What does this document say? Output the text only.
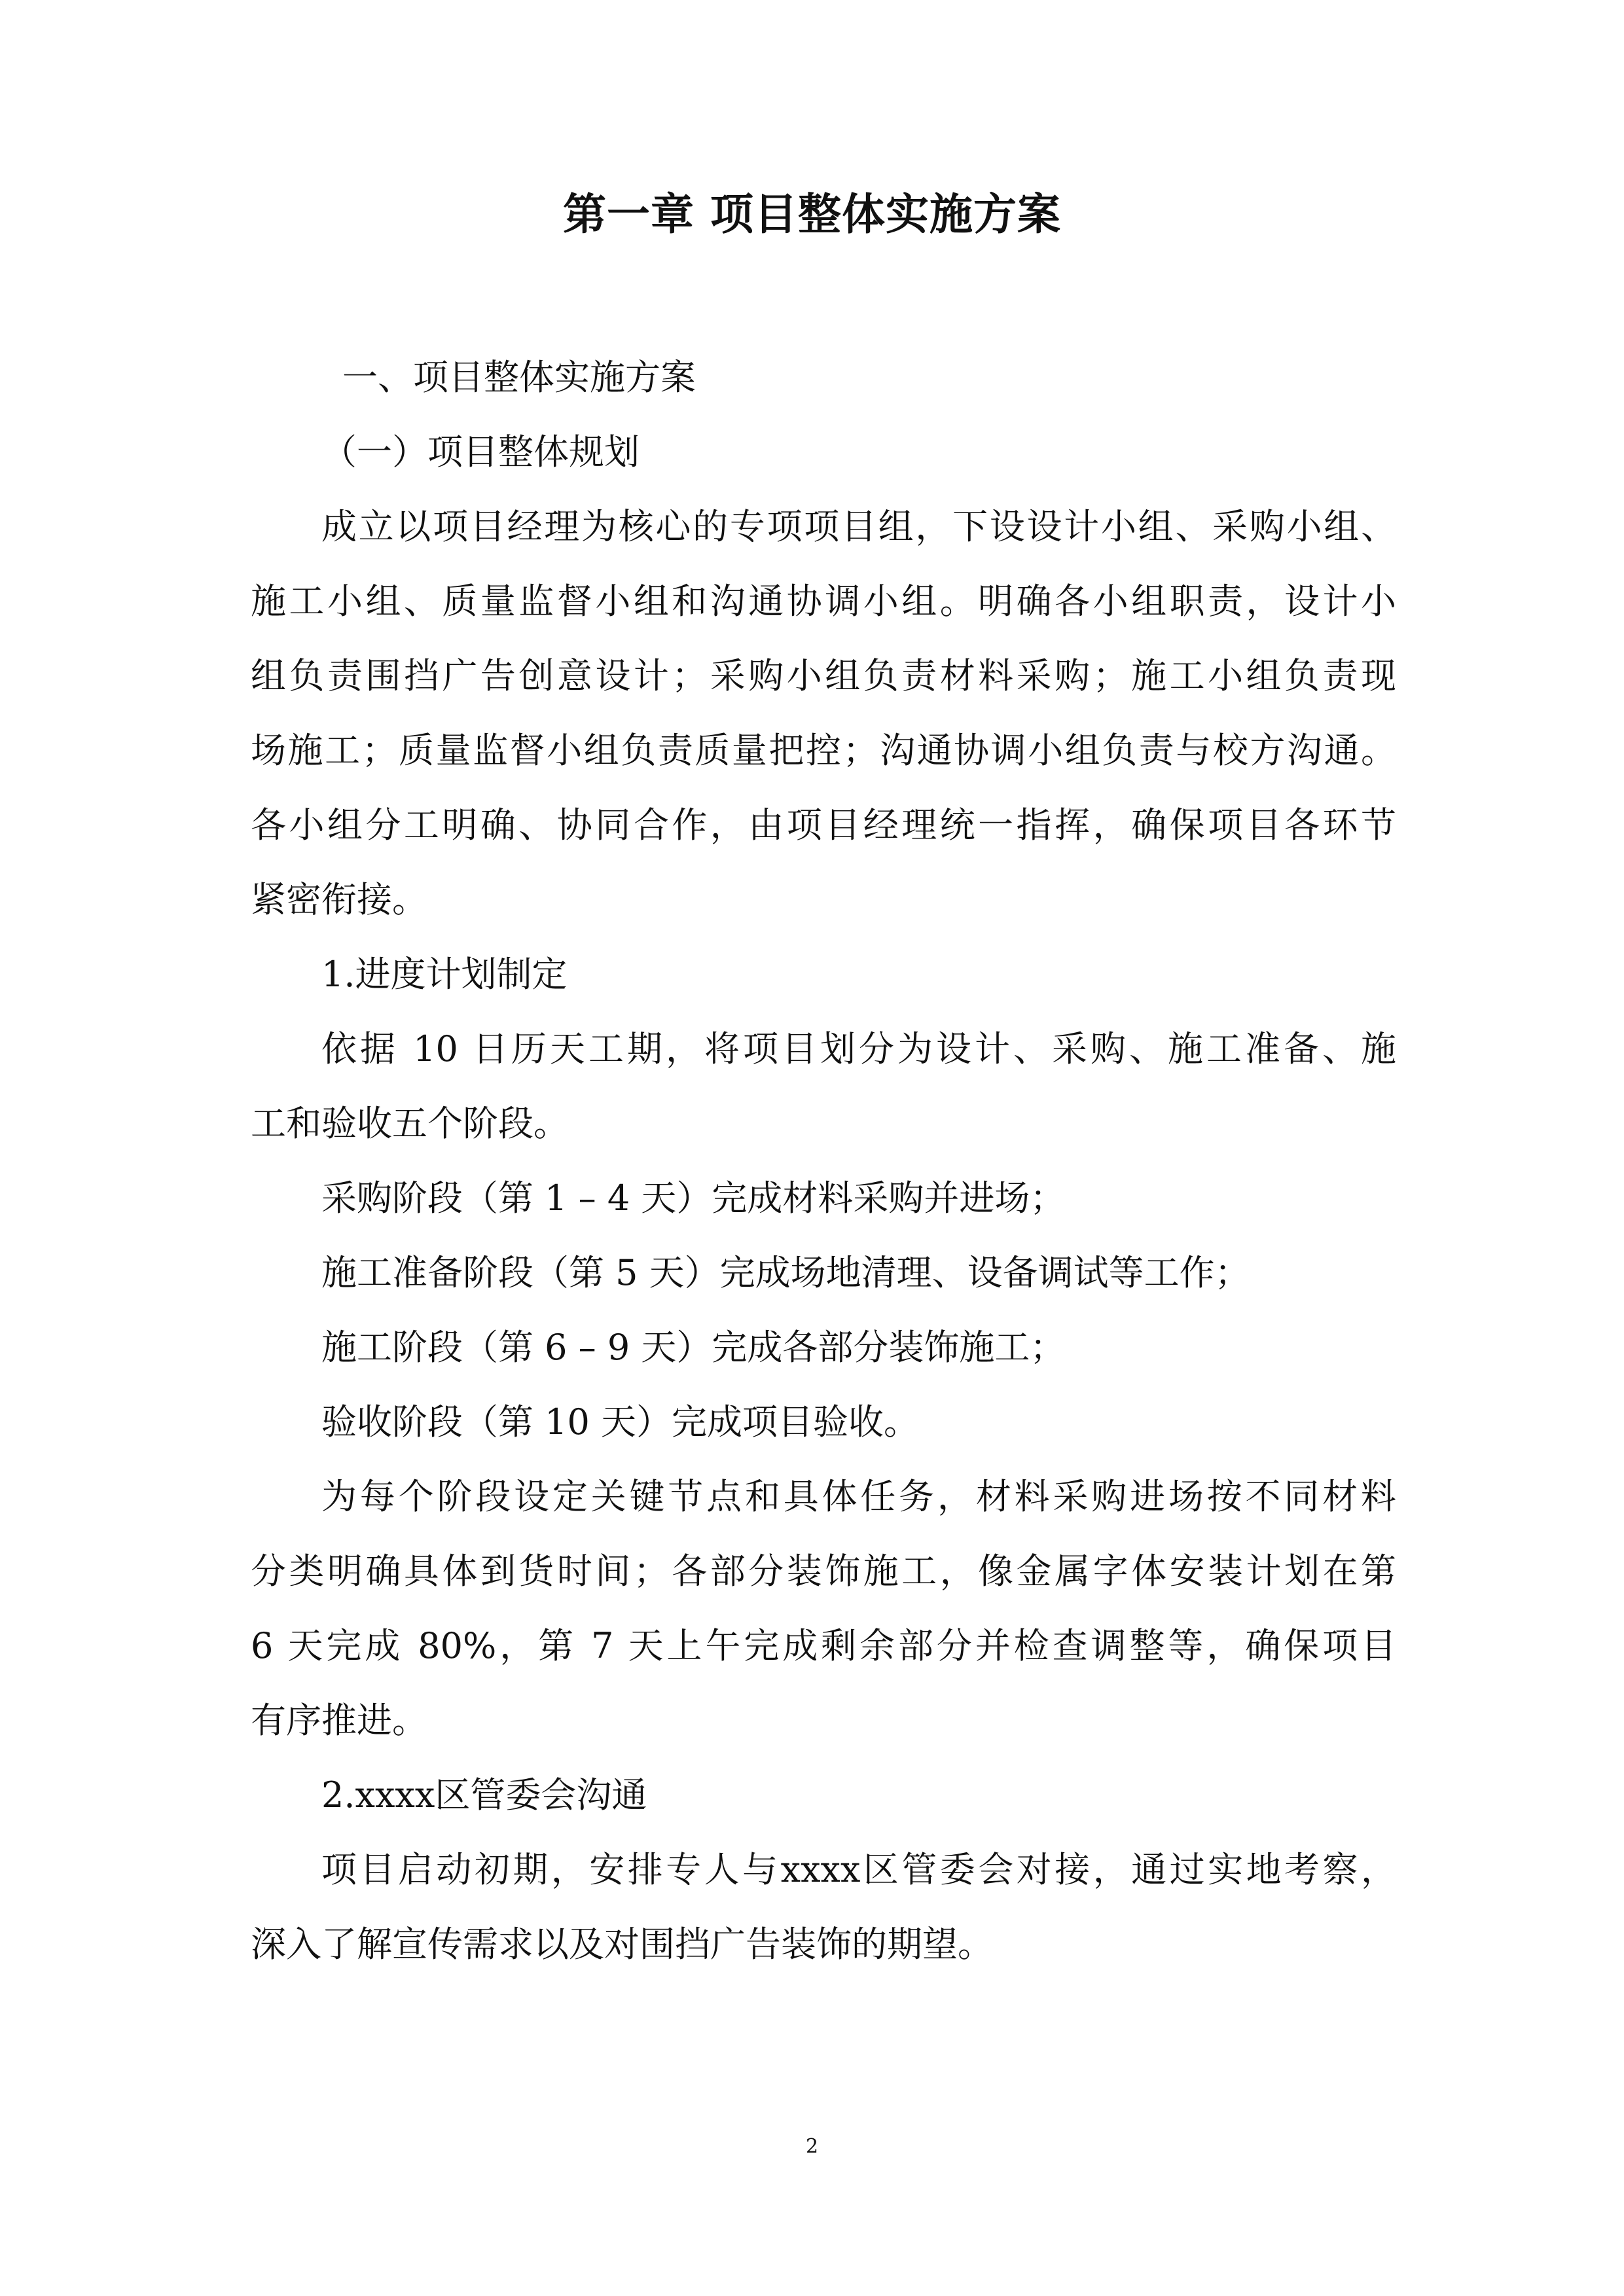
第一章 项目整体实施方案
一、项目整体实施方案
（一）项目整体规划
成立以项目经理为核心的专项项目组，下设设计小组、采购小组、
施工小组、质量监督小组和沟通协调小组。明确各小组职责，设计小
组负责围挡广告创意设计；采购小组负责材料采购；施工小组负责现
场施工；质量监督小组负责质量把控；沟通协调小组负责与校方沟通。
各小组分工明确、协同合作，由项目经理统一指挥，确保项目各环节
紧密衔接。
1.进度计划制定
依据 10 日历天工期，将项目划分为设计、采购、施工准备、施
工和验收五个阶段。
采购阶段（第 1 – 4 天）完成材料采购并进场；
施工准备阶段（第 5 天）完成场地清理、设备调试等工作；
施工阶段（第 6 – 9 天）完成各部分装饰施工；
验收阶段（第 10 天）完成项目验收。
为每个阶段设定关键节点和具体任务，材料采购进场按不同材料
分类明确具体到货时间；各部分装饰施工，像金属字体安装计划在第
6 天完成 80%，第 7 天上午完成剩余部分并检查调整等，确保项目
有序推进。
2.xxxx区管委会沟通
项目启动初期，安排专人与xxxx区管委会对接，通过实地考察，
深入了解宣传需求以及对围挡广告装饰的期望。
2
